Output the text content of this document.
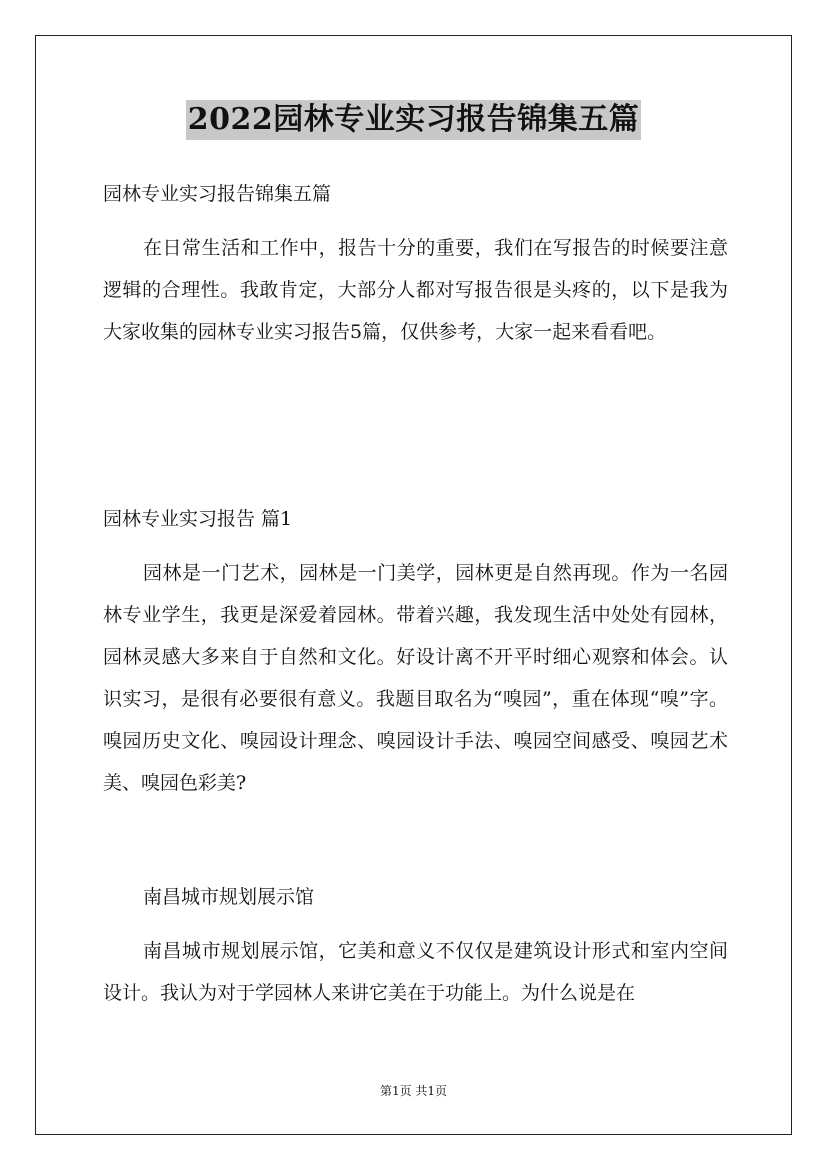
2022园林专业实习报告锦集五篇
园林专业实习报告锦集五篇
在日常生活和工作中，报告十分的重要，我们在写报告的时候要注意逻辑的合理性。我敢肯定，大部分人都对写报告很是头疼的，以下是我为大家收集的园林专业实习报告5篇，仅供参考，大家一起来看看吧。
园林专业实习报告 篇1
园林是一门艺术，园林是一门美学，园林更是自然再现。作为一名园林专业学生，我更是深爱着园林。带着兴趣，我发现生活中处处有园林，园林灵感大多来自于自然和文化。好设计离不开平时细心观察和体会。认识实习，是很有必要很有意义。我题目取名为“嗅园”，重在体现“嗅”字。嗅园历史文化、嗅园设计理念、嗅园设计手法、嗅园空间感受、嗅园艺术美、嗅园色彩美?
南昌城市规划展示馆
南昌城市规划展示馆，它美和意义不仅仅是建筑设计形式和室内空间设计。我认为对于学园林人来讲它美在于功能上。为什么说是在
第1页 共1页
